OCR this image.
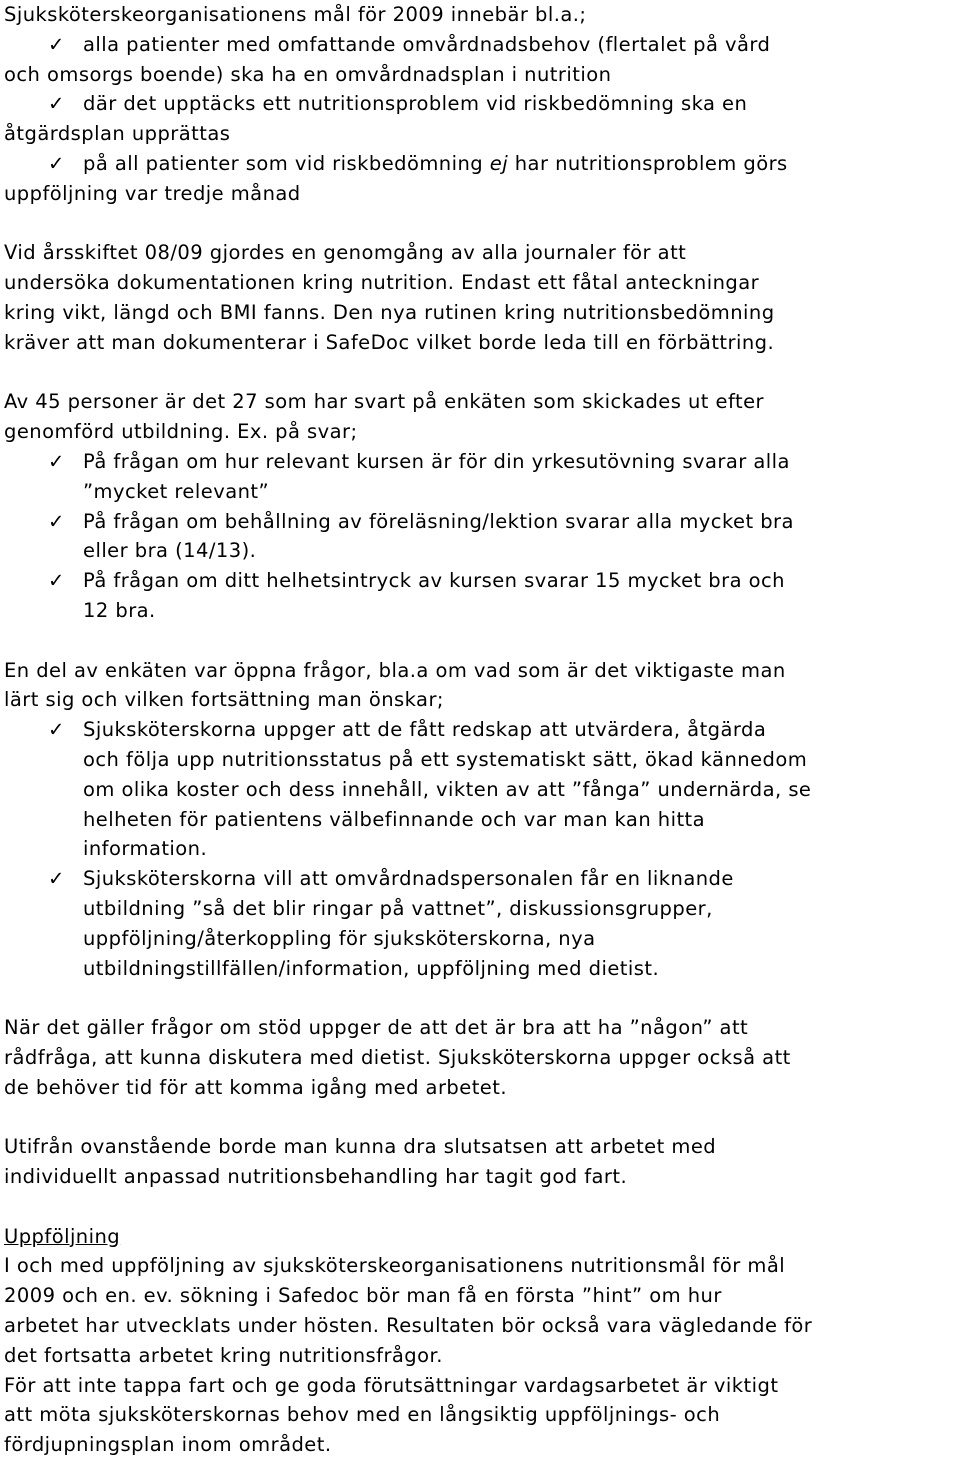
Sjuksköterskeorganisationens mål för 2009 innebär bl.a.;
✓ alla patienter med omfattande omvårdnadsbehov (flertalet på vård
och omsorgs boende) ska ha en omvårdnadsplan i nutrition
✓ där det upptäcks ett nutritionsproblem vid riskbedömning ska en
åtgärdsplan upprättas
✓ på all patienter som vid riskbedömning ej har nutritionsproblem görs
uppföljning var tredje månad
Vid årsskiftet 08/09 gjordes en genomgång av alla journaler för att
undersöka dokumentationen kring nutrition. Endast ett fåtal anteckningar
kring vikt, längd och BMI fanns. Den nya rutinen kring nutritionsbedömning
kräver att man dokumenterar i SafeDoc vilket borde leda till en förbättring.
Av 45 personer är det 27 som har svart på enkäten som skickades ut efter
genomförd utbildning. Ex. på svar;
✓ På frågan om hur relevant kursen är för din yrkesutövning svarar alla
”mycket relevant”
✓ På frågan om behållning av föreläsning/lektion svarar alla mycket bra
eller bra (14/13).
✓ På frågan om ditt helhetsintryck av kursen svarar 15 mycket bra och
12 bra.
En del av enkäten var öppna frågor, bla.a om vad som är det viktigaste man
lärt sig och vilken fortsättning man önskar;
✓ Sjuksköterskorna uppger att de fått redskap att utvärdera, åtgärda
och följa upp nutritionsstatus på ett systematiskt sätt, ökad kännedom
om olika koster och dess innehåll, vikten av att ”fånga” undernärda, se
helheten för patientens välbefinnande och var man kan hitta
information.
✓ Sjuksköterskorna vill att omvårdnadspersonalen får en liknande
utbildning ”så det blir ringar på vattnet”, diskussionsgrupper,
uppföljning/återkoppling för sjuksköterskorna, nya
utbildningstillfällen/information, uppföljning med dietist.
När det gäller frågor om stöd uppger de att det är bra att ha ”någon” att
rådfråga, att kunna diskutera med dietist. Sjuksköterskorna uppger också att
de behöver tid för att komma igång med arbetet.
Utifrån ovanstående borde man kunna dra slutsatsen att arbetet med
individuellt anpassad nutritionsbehandling har tagit god fart.
Uppföljning
I och med uppföljning av sjuksköterskeorganisationens nutritionsmål för mål
2009 och en. ev. sökning i Safedoc bör man få en första ”hint” om hur
arbetet har utvecklats under hösten. Resultaten bör också vara vägledande för
det fortsatta arbetet kring nutritionsfrågor.
För att inte tappa fart och ge goda förutsättningar vardagsarbetet är viktigt
att möta sjuksköterskornas behov med en långsiktig uppföljnings- och
fördjupningsplan inom området.
